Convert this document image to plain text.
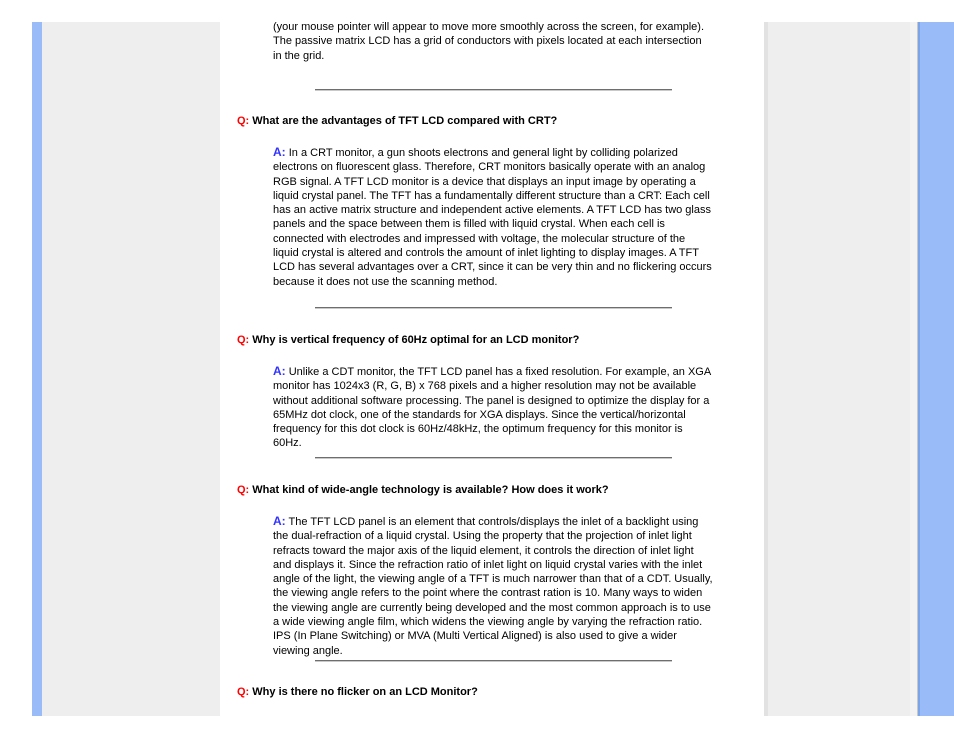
(your mouse pointer will appear to move more smoothly across the screen, for example). The passive matrix LCD has a grid of conductors with pixels located at each intersection in the grid.

Q: What are the advantages of TFT LCD compared with CRT?

A: In a CRT monitor, a gun shoots electrons and general light by colliding polarized electrons on fluorescent glass. Therefore, CRT monitors basically operate with an analog RGB signal. A TFT LCD monitor is a device that displays an input image by operating a liquid crystal panel. The TFT has a fundamentally different structure than a CRT: Each cell has an active matrix structure and independent active elements. A TFT LCD has two glass panels and the space between them is filled with liquid crystal. When each cell is connected with electrodes and impressed with voltage, the molecular structure of the liquid crystal is altered and controls the amount of inlet lighting to display images. A TFT LCD has several advantages over a CRT, since it can be very thin and no flickering occurs because it does not use the scanning method.

Q: Why is vertical frequency of 60Hz optimal for an LCD monitor?

A: Unlike a CDT monitor, the TFT LCD panel has a fixed resolution. For example, an XGA monitor has 1024x3 (R, G, B) x 768 pixels and a higher resolution may not be available without additional software processing. The panel is designed to optimize the display for a 65MHz dot clock, one of the standards for XGA displays. Since the vertical/horizontal frequency for this dot clock is 60Hz/48kHz, the optimum frequency for this monitor is 60Hz.

Q: What kind of wide-angle technology is available? How does it work?

A: The TFT LCD panel is an element that controls/displays the inlet of a backlight using the dual-refraction of a liquid crystal. Using the property that the projection of inlet light refracts toward the major axis of the liquid element, it controls the direction of inlet light and displays it. Since the refraction ratio of inlet light on liquid crystal varies with the inlet angle of the light, the viewing angle of a TFT is much narrower than that of a CDT. Usually, the viewing angle refers to the point where the contrast ration is 10. Many ways to widen the viewing angle are currently being developed and the most common approach is to use a wide viewing angle film, which widens the viewing angle by varying the refraction ratio. IPS (In Plane Switching) or MVA (Multi Vertical Aligned) is also used to give a wider viewing angle.

Q: Why is there no flicker on an LCD Monitor?
